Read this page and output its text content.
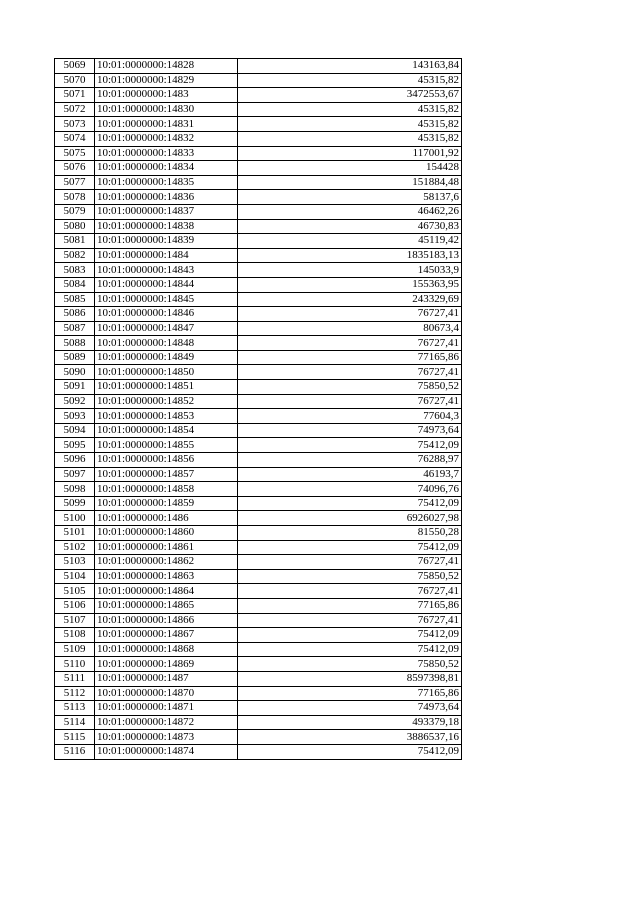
5069	10:01:0000000:14828	143163,84
5070	10:01:0000000:14829	45315,82
5071	10:01:0000000:1483	3472553,67
5072	10:01:0000000:14830	45315,82
5073	10:01:0000000:14831	45315,82
5074	10:01:0000000:14832	45315,82
5075	10:01:0000000:14833	117001,92
5076	10:01:0000000:14834	154428
5077	10:01:0000000:14835	151884,48
5078	10:01:0000000:14836	58137,6
5079	10:01:0000000:14837	46462,26
5080	10:01:0000000:14838	46730,83
5081	10:01:0000000:14839	45119,42
5082	10:01:0000000:1484	1835183,13
5083	10:01:0000000:14843	145033,9
5084	10:01:0000000:14844	155363,95
5085	10:01:0000000:14845	243329,69
5086	10:01:0000000:14846	76727,41
5087	10:01:0000000:14847	80673,4
5088	10:01:0000000:14848	76727,41
5089	10:01:0000000:14849	77165,86
5090	10:01:0000000:14850	76727,41
5091	10:01:0000000:14851	75850,52
5092	10:01:0000000:14852	76727,41
5093	10:01:0000000:14853	77604,3
5094	10:01:0000000:14854	74973,64
5095	10:01:0000000:14855	75412,09
5096	10:01:0000000:14856	76288,97
5097	10:01:0000000:14857	46193,7
5098	10:01:0000000:14858	74096,76
5099	10:01:0000000:14859	75412,09
5100	10:01:0000000:1486	6926027,98
5101	10:01:0000000:14860	81550,28
5102	10:01:0000000:14861	75412,09
5103	10:01:0000000:14862	76727,41
5104	10:01:0000000:14863	75850,52
5105	10:01:0000000:14864	76727,41
5106	10:01:0000000:14865	77165,86
5107	10:01:0000000:14866	76727,41
5108	10:01:0000000:14867	75412,09
5109	10:01:0000000:14868	75412,09
5110	10:01:0000000:14869	75850,52
5111	10:01:0000000:1487	8597398,81
5112	10:01:0000000:14870	77165,86
5113	10:01:0000000:14871	74973,64
5114	10:01:0000000:14872	493379,18
5115	10:01:0000000:14873	3886537,16
5116	10:01:0000000:14874	75412,09
